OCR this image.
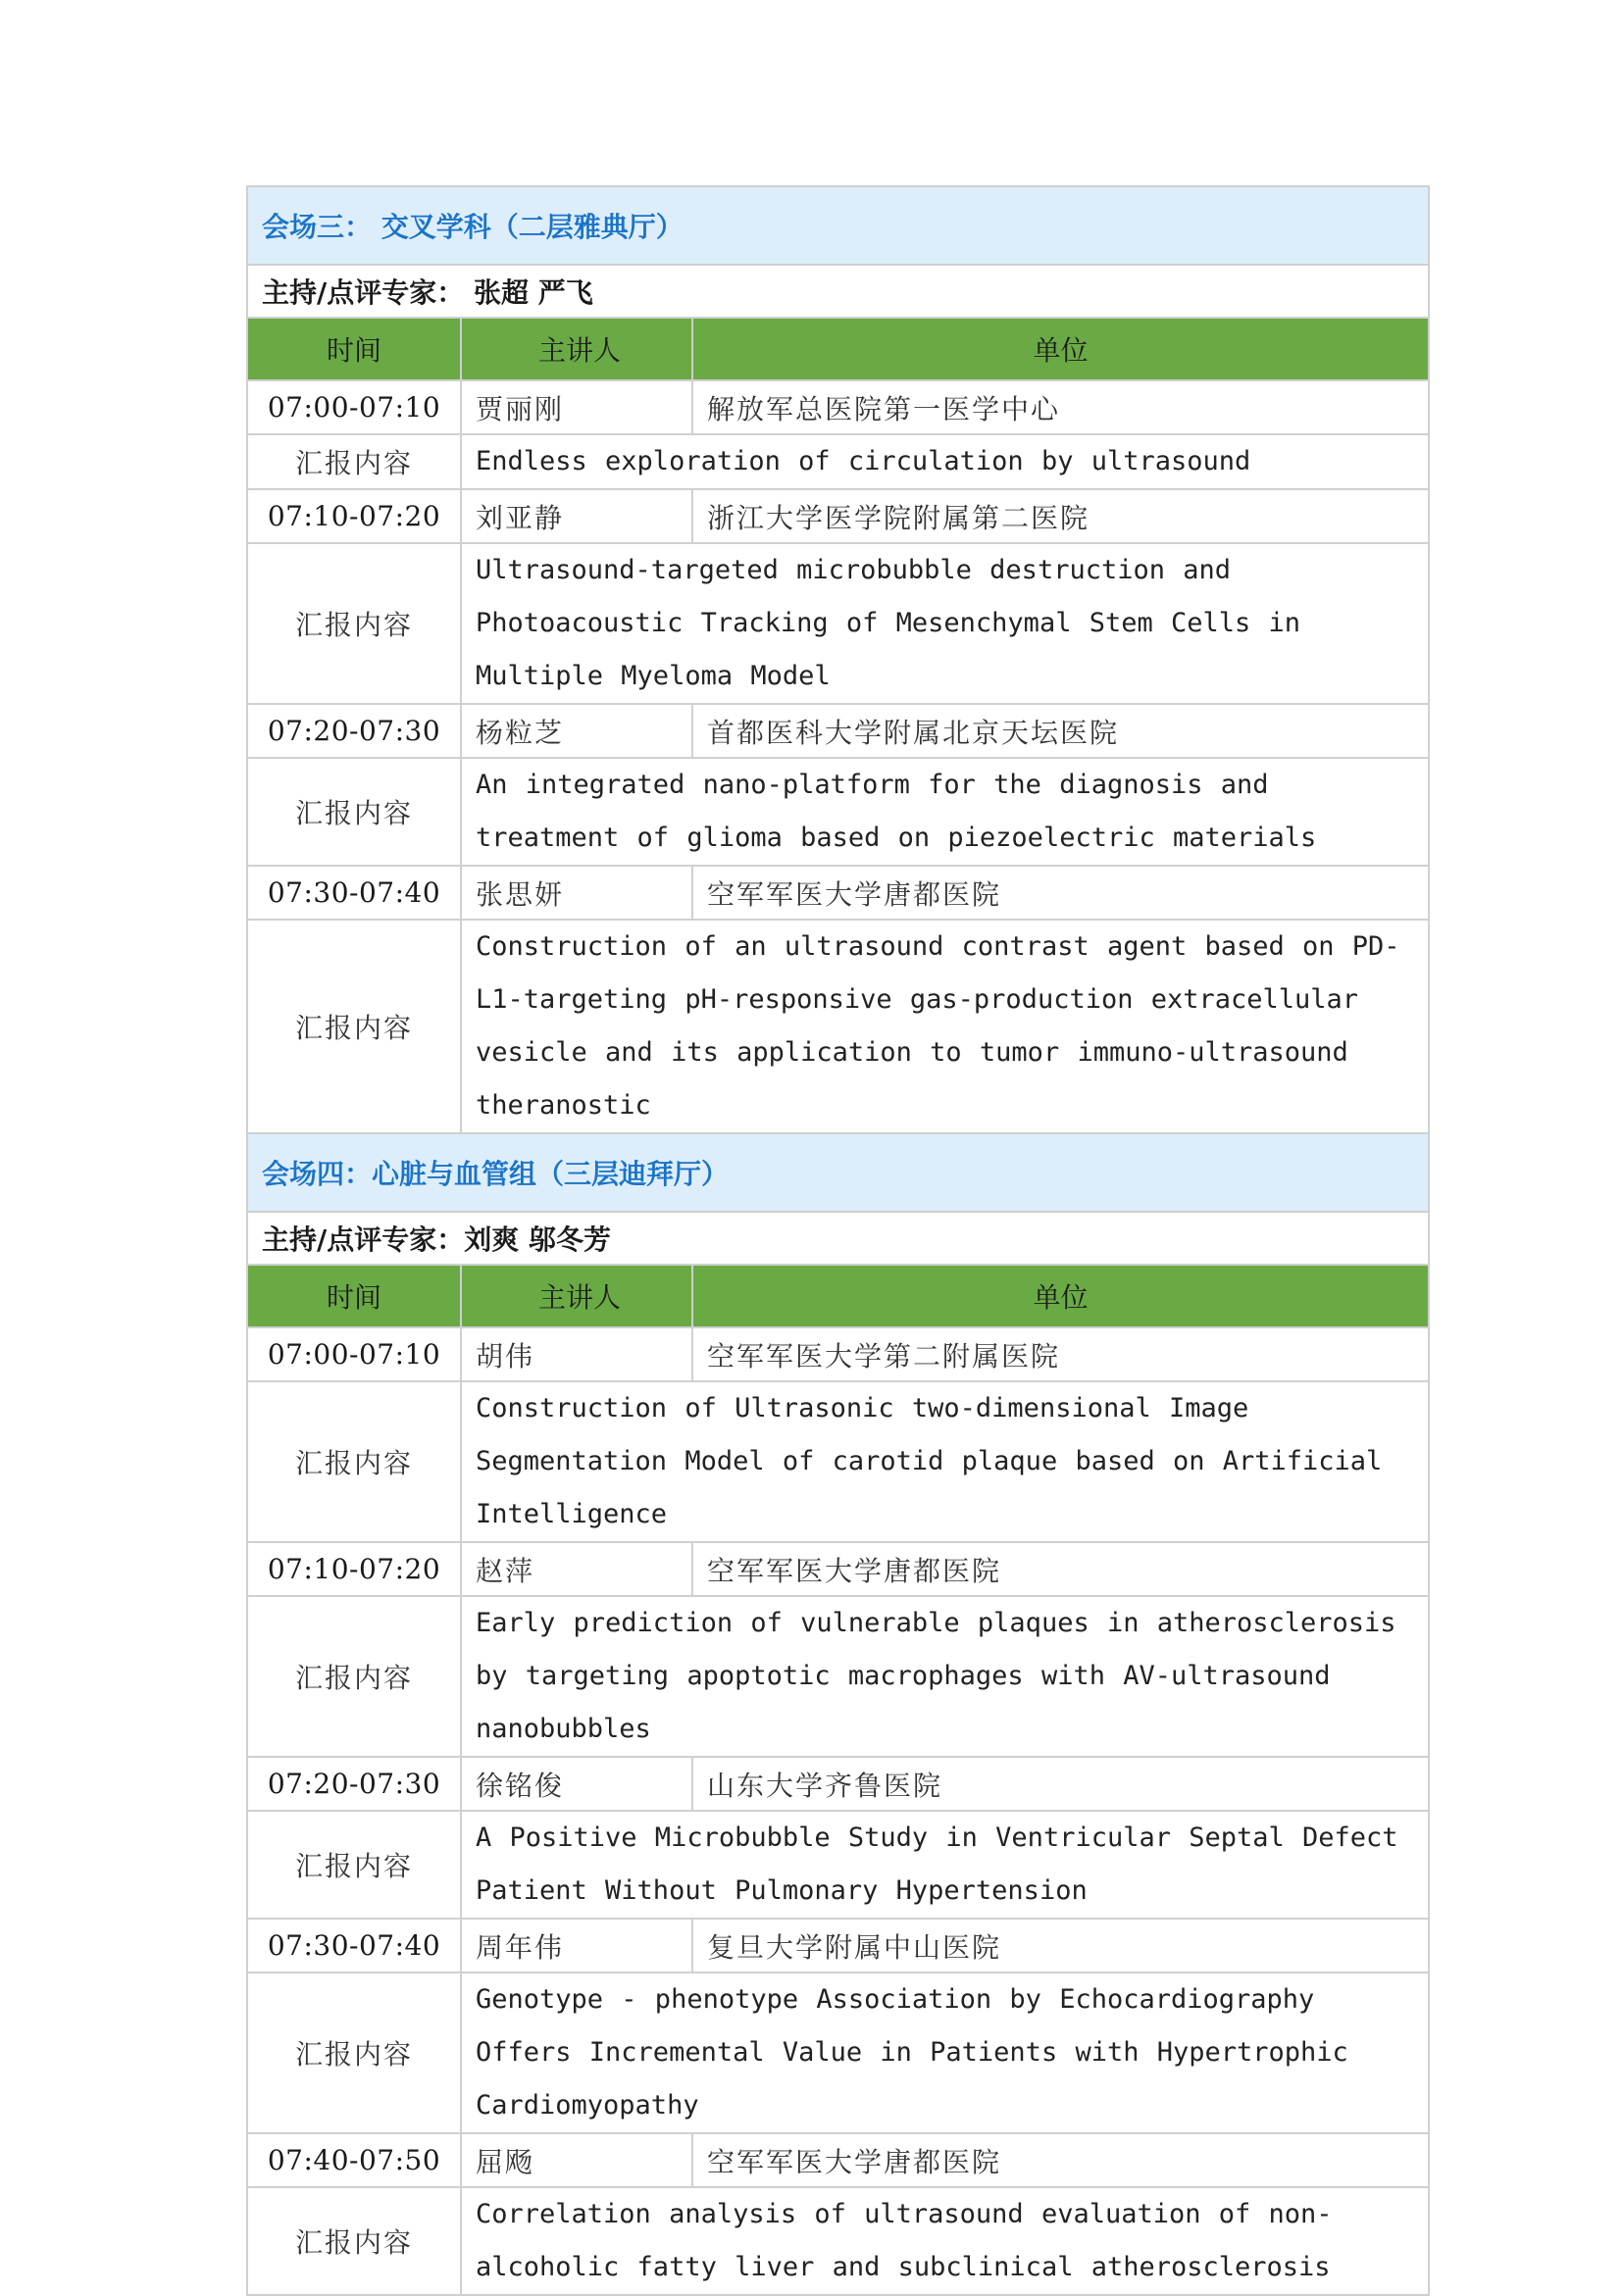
会场三： 交叉学科（二层雅典厅）		
主持/点评专家： 张超 严飞		
时间	主讲人	单位
07:00-07:10	贾丽刚	解放军总医院第一医学中心
汇报内容	Endless exploration of circulation by ultrasound	
07:10-07:20	刘亚静	浙江大学医学院附属第二医院
汇报内容	Ultrasound-targeted microbubble destruction and Photoacoustic Tracking of Mesenchymal Stem Cells in Multiple Myeloma Model	
07:20-07:30	杨粒芝	首都医科大学附属北京天坛医院
汇报内容	An integrated nano-platform for the diagnosis and treatment of glioma based on piezoelectric materials	
07:30-07:40	张思妍	空军军医大学唐都医院
汇报内容	Construction of an ultrasound contrast agent based on PD-L1-targeting pH-responsive gas-production extracellular vesicle and its application to tumor immuno-ultrasound theranostic	
会场四：心脏与血管组（三层迪拜厅）		
主持/点评专家：刘爽 邬冬芳		
时间	主讲人	单位
07:00-07:10	胡伟	空军军医大学第二附属医院
汇报内容	Construction of Ultrasonic two-dimensional Image Segmentation Model of carotid plaque based on Artificial Intelligence	
07:10-07:20	赵萍	空军军医大学唐都医院
汇报内容	Early prediction of vulnerable plaques in atherosclerosis by targeting apoptotic macrophages with AV-ultrasound nanobubbles	
07:20-07:30	徐铭俊	山东大学齐鲁医院
汇报内容	A Positive Microbubble Study in Ventricular Septal Defect Patient Without Pulmonary Hypertension	
07:30-07:40	周年伟	复旦大学附属中山医院
汇报内容	Genotype - phenotype Association by Echocardiography Offers Incremental Value in Patients with Hypertrophic Cardiomyopathy	
07:40-07:50	屈飏	空军军医大学唐都医院
汇报内容	Correlation analysis of ultrasound evaluation of non-alcoholic fatty liver and subclinical atherosclerosis	
